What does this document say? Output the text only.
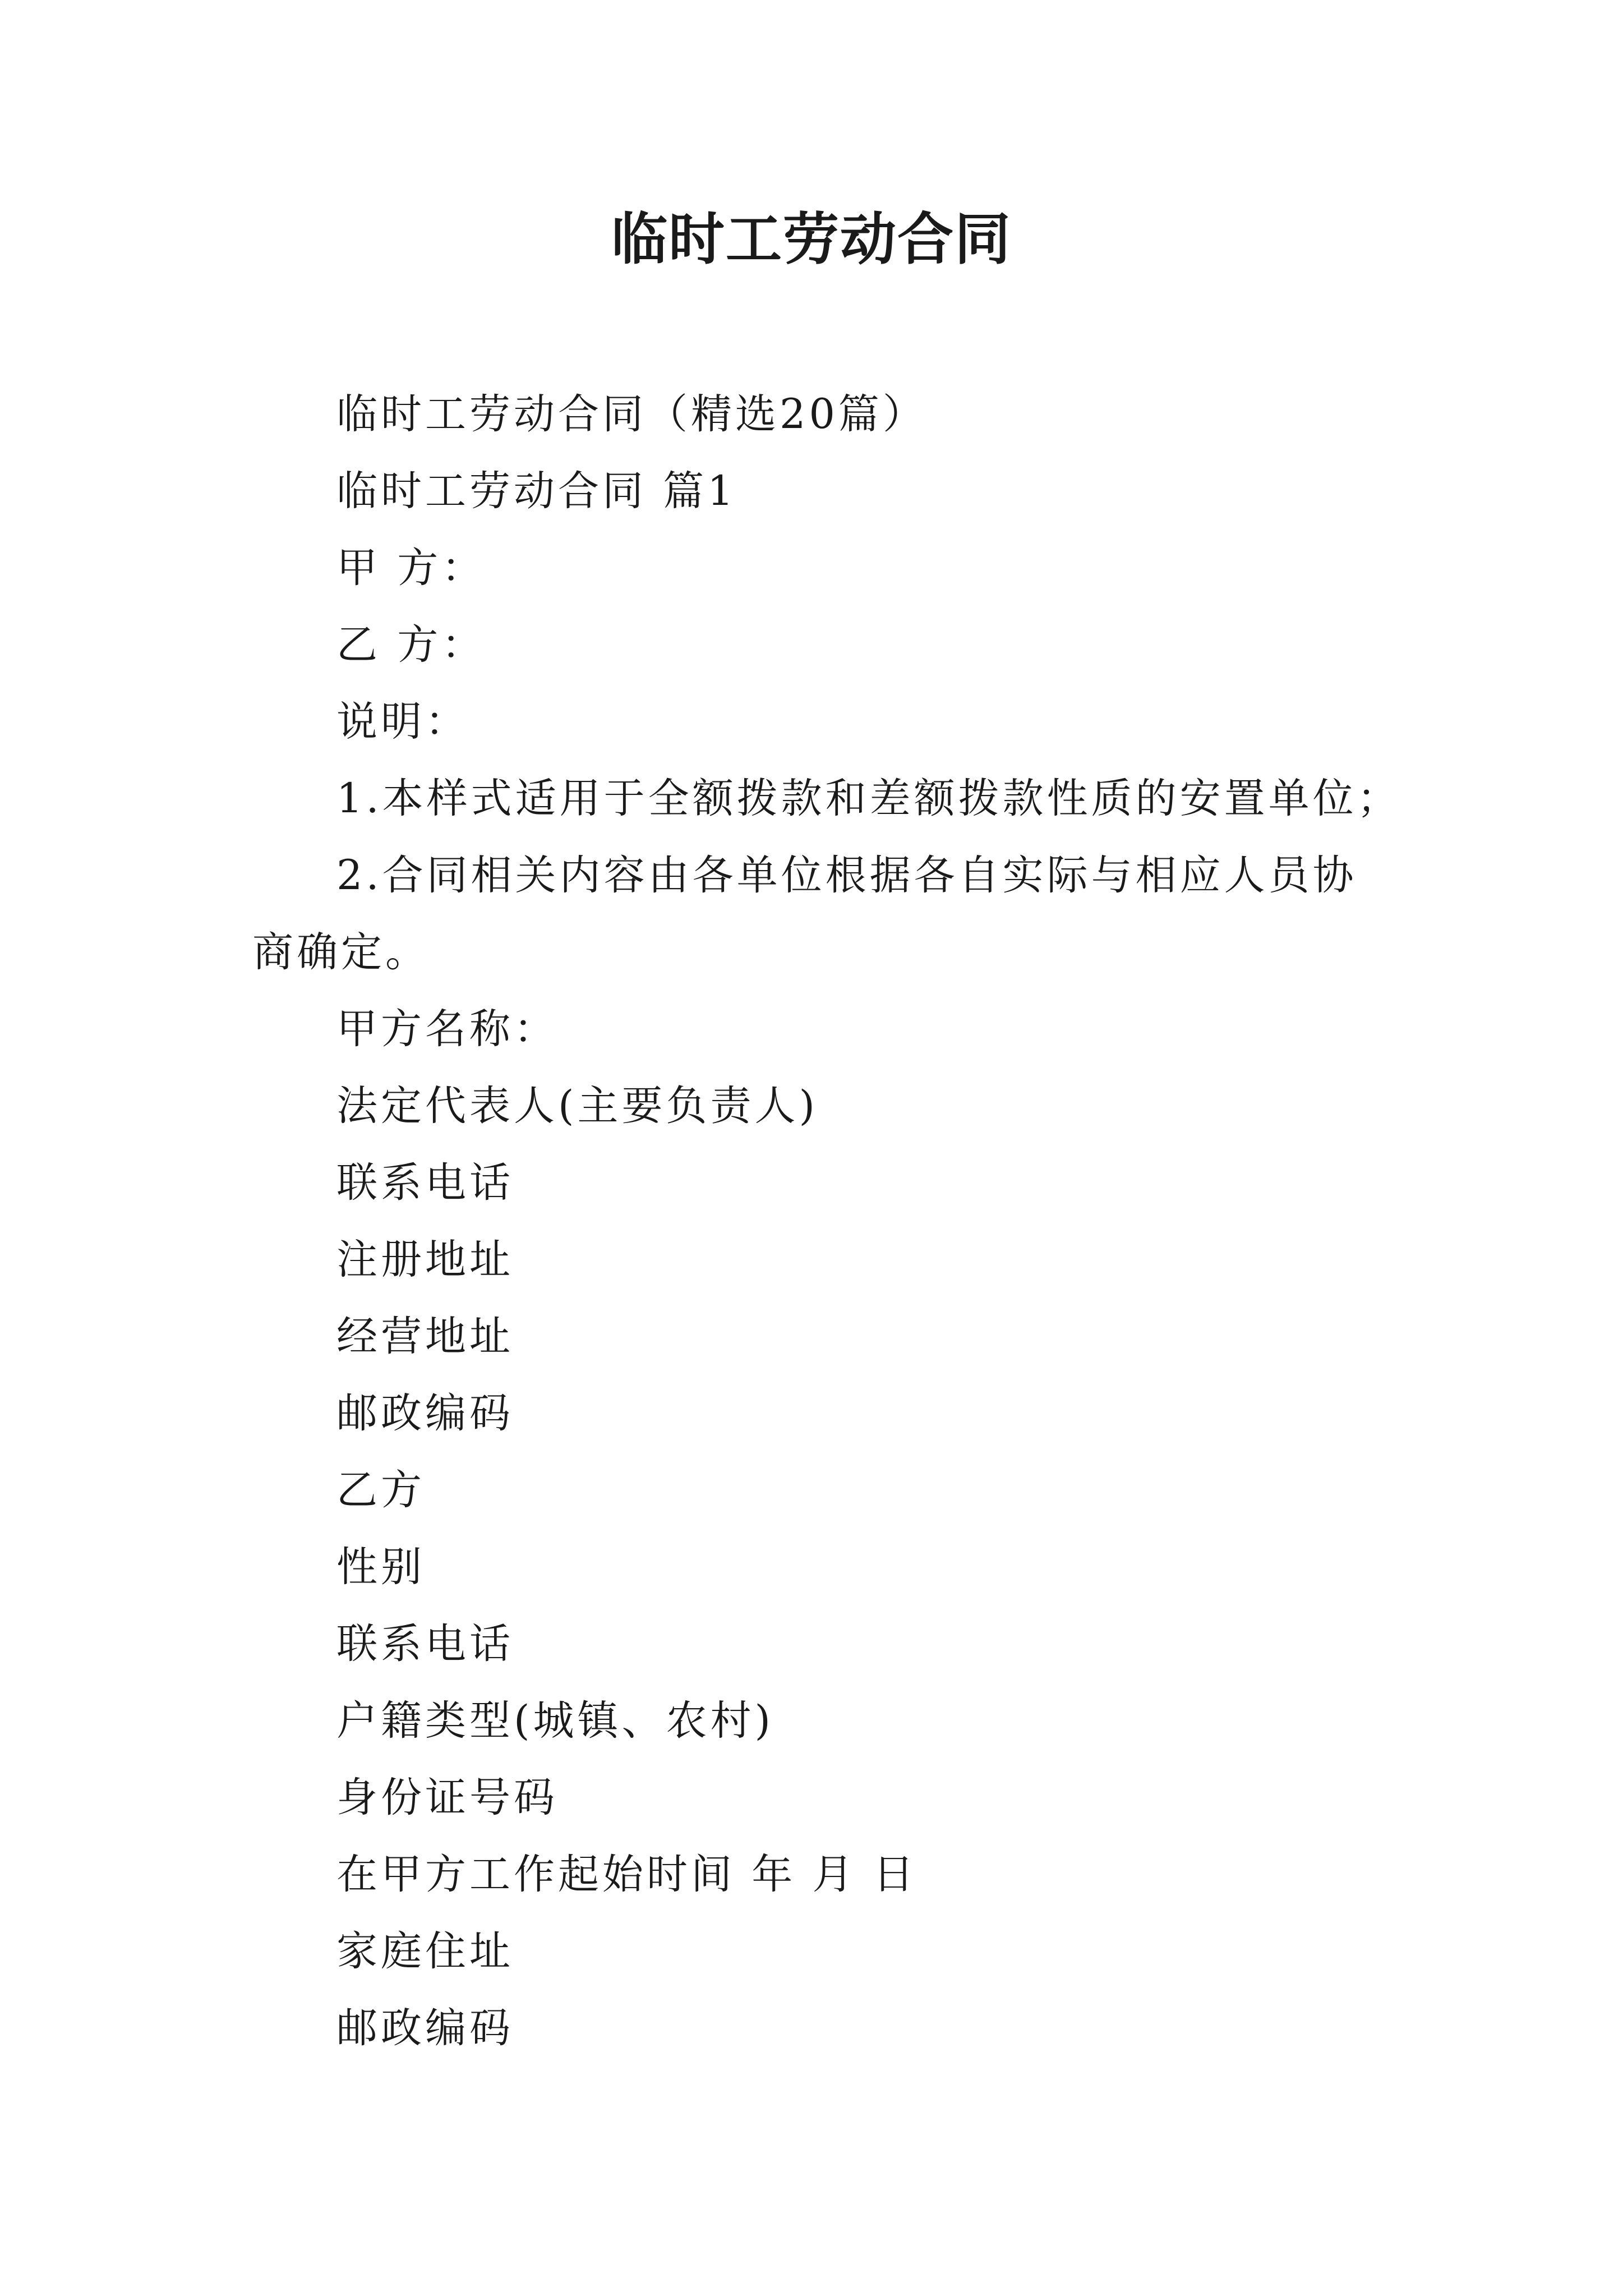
临时工劳动合同

临时工劳动合同（精选20篇）

临时工劳动合同 篇1

甲 方：

乙 方：

说明：

1.本样式适用于全额拨款和差额拨款性质的安置单位；

2.合同相关内容由各单位根据各自实际与相应人员协

商确定。

甲方名称：

法定代表人(主要负责人)

联系电话

注册地址

经营地址

邮政编码

乙方

性别

联系电话

户籍类型(城镇、农村)

身份证号码

在甲方工作起始时间 年 月 日

家庭住址

邮政编码
